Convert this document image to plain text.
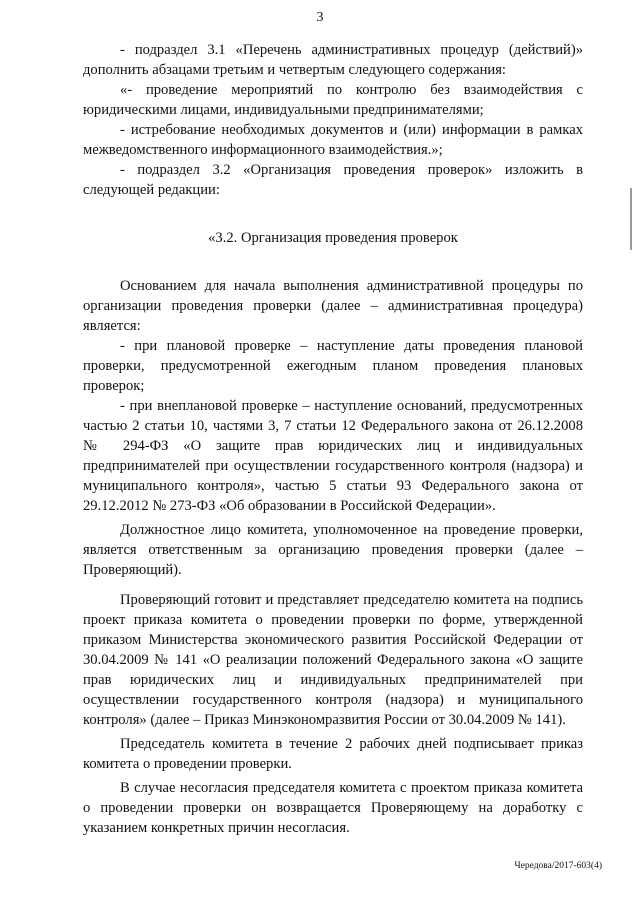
3

- подраздел 3.1 «Перечень административных процедур (действий)» дополнить абзацами третьим и четвертым следующего содержания:

«- проведение мероприятий по контролю без взаимодействия с юридическими лицами, индивидуальными предпринимателями;

- истребование необходимых документов и (или) информации в рамках межведомственного информационного взаимодействия.»;

- подраздел 3.2 «Организация проведения проверок» изложить в следующей редакции:

«3.2. Организация проведения проверок

Основанием для начала выполнения административной процедуры по организации проведения проверки (далее – административная процедура) является:

- при плановой проверке – наступление даты проведения плановой проверки, предусмотренной ежегодным планом проведения плановых проверок;

- при внеплановой проверке – наступление оснований, предусмотренных частью 2 статьи 10, частями 3, 7 статьи 12 Федерального закона от 26.12.2008 № 294-ФЗ «О защите прав юридических лиц и индивидуальных предпринимателей при осуществлении государственного контроля (надзора) и муниципального контроля», частью 5 статьи 93 Федерального закона от 29.12.2012 № 273-ФЗ «Об образовании в Российской Федерации».

Должностное лицо комитета, уполномоченное на проведение проверки, является ответственным за организацию проведения проверки (далее – Проверяющий).

Проверяющий готовит и представляет председателю комитета на подпись проект приказа комитета о проведении проверки по форме, утвержденной приказом Министерства экономического развития Российской Федерации от 30.04.2009 № 141 «О реализации положений Федерального закона «О защите прав юридических лиц и индивидуальных предпринимателей при осуществлении государственного контроля (надзора) и муниципального контроля» (далее – Приказ Минэкономразвития России от 30.04.2009 № 141).

Председатель комитета в течение 2 рабочих дней подписывает приказ комитета о проведении проверки.

В случае несогласия председателя комитета с проектом приказа комитета о проведении проверки он возвращается Проверяющему на доработку с указанием конкретных причин несогласия.

Чередова/2017-603(4)
